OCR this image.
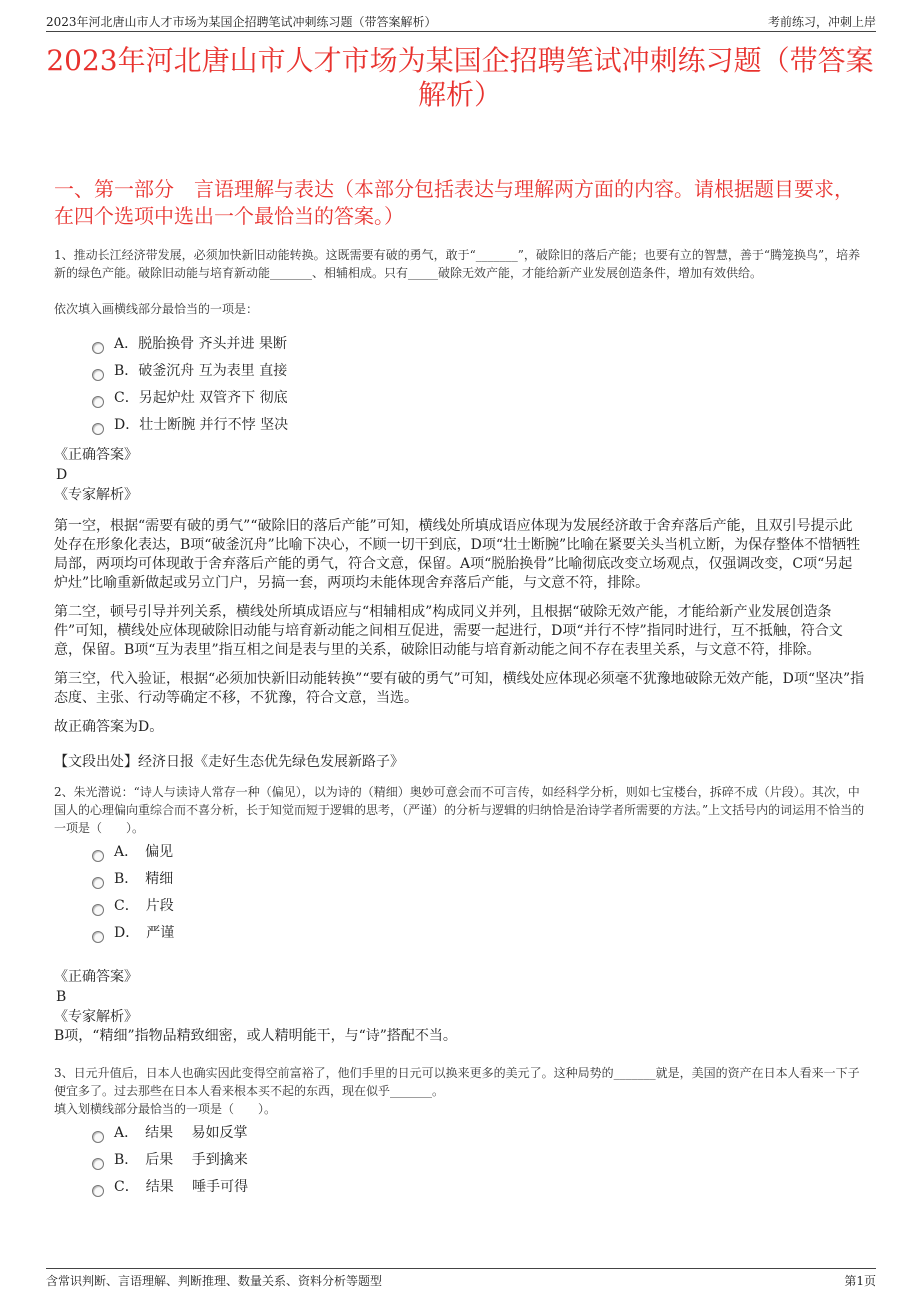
2023年河北唐山市人才市场为某国企招聘笔试冲刺练习题（带答案解析）	考前练习，冲刺上岸
2023年河北唐山市人才市场为某国企招聘笔试冲刺练习题（带答案解析）
一、第一部分　言语理解与表达（本部分包括表达与理解两方面的内容。请根据题目要求，在四个选项中选出一个最恰当的答案。）

1、推动长江经济带发展，必须加快新旧动能转换。这既需要有破的勇气，敢于“_______”，破除旧的落后产能；也要有立的智慧，善于“腾笼换鸟”，培养新的绿色产能。破除旧动能与培育新动能_______、相辅相成。只有_____破除无效产能，才能给新产业发展创造条件，增加有效供给。

依次填入画横线部分最恰当的一项是：

A．脱胎换骨 齐头并进 果断
B．破釜沉舟 互为表里 直接
C．另起炉灶 双管齐下 彻底
D．壮士断腕 并行不悖 坚决

《正确答案》

D

《专家解析》

第一空，根据“需要有破的勇气”“破除旧的落后产能”可知，横线处所填成语应体现为发展经济敢于舍弃落后产能，且双引号提示此处存在形象化表达，B项“破釜沉舟”比喻下决心，不顾一切干到底，D项“壮士断腕”比喻在紧要关头当机立断，为保存整体不惜牺牲局部，两项均可体现敢于舍弃落后产能的勇气，符合文意，保留。A项“脱胎换骨”比喻彻底改变立场观点，仅强调改变，C项“另起炉灶”比喻重新做起或另立门户，另搞一套，两项均未能体现舍弃落后产能，与文意不符，排除。

第二空，顿号引导并列关系，横线处所填成语应与“相辅相成”构成同义并列，且根据“破除无效产能，才能给新产业发展创造条件”可知，横线处应体现破除旧动能与培育新动能之间相互促进，需要一起进行，D项“并行不悖”指同时进行，互不抵触，符合文意，保留。B项“互为表里”指互相之间是表与里的关系，破除旧动能与培育新动能之间不存在表里关系，与文意不符，排除。

第三空，代入验证，根据“必须加快新旧动能转换”“要有破的勇气”可知，横线处应体现必须毫不犹豫地破除无效产能，D项“坚决”指态度、主张、行动等确定不移，不犹豫，符合文意，当选。

故正确答案为D。

【文段出处】经济日报《走好生态优先绿色发展新路子》

2、朱光潜说：“诗人与读诗人常存一种（偏见），以为诗的（精细）奥妙可意会而不可言传，如经科学分析，则如七宝楼台，拆碎不成（片段）。其次，中国人的心理偏向重综合而不喜分析，长于知觉而短于逻辑的思考，（严谨）的分析与逻辑的归纳恰是治诗学者所需要的方法。”上文括号内的词运用不恰当的一项是（　　）。

A．　偏见
B．　精细
C．　片段
D．　严谨

《正确答案》

B

《专家解析》

B项，“精细”指物品精致细密，或人精明能干，与“诗”搭配不当。

3、日元升值后，日本人也确实因此变得空前富裕了，他们手里的日元可以换来更多的美元了。这种局势的_______就是，美国的资产在日本人看来一下子便宜多了。过去那些在日本人看来根本买不起的东西，现在似乎_______。

填入划横线部分最恰当的一项是（　　）。

A．　结果　 易如反掌
B．　后果　 手到擒来
C．　结果　 唾手可得
含常识判断、言语理解、判断推理、数量关系、资料分析等题型	第1页
